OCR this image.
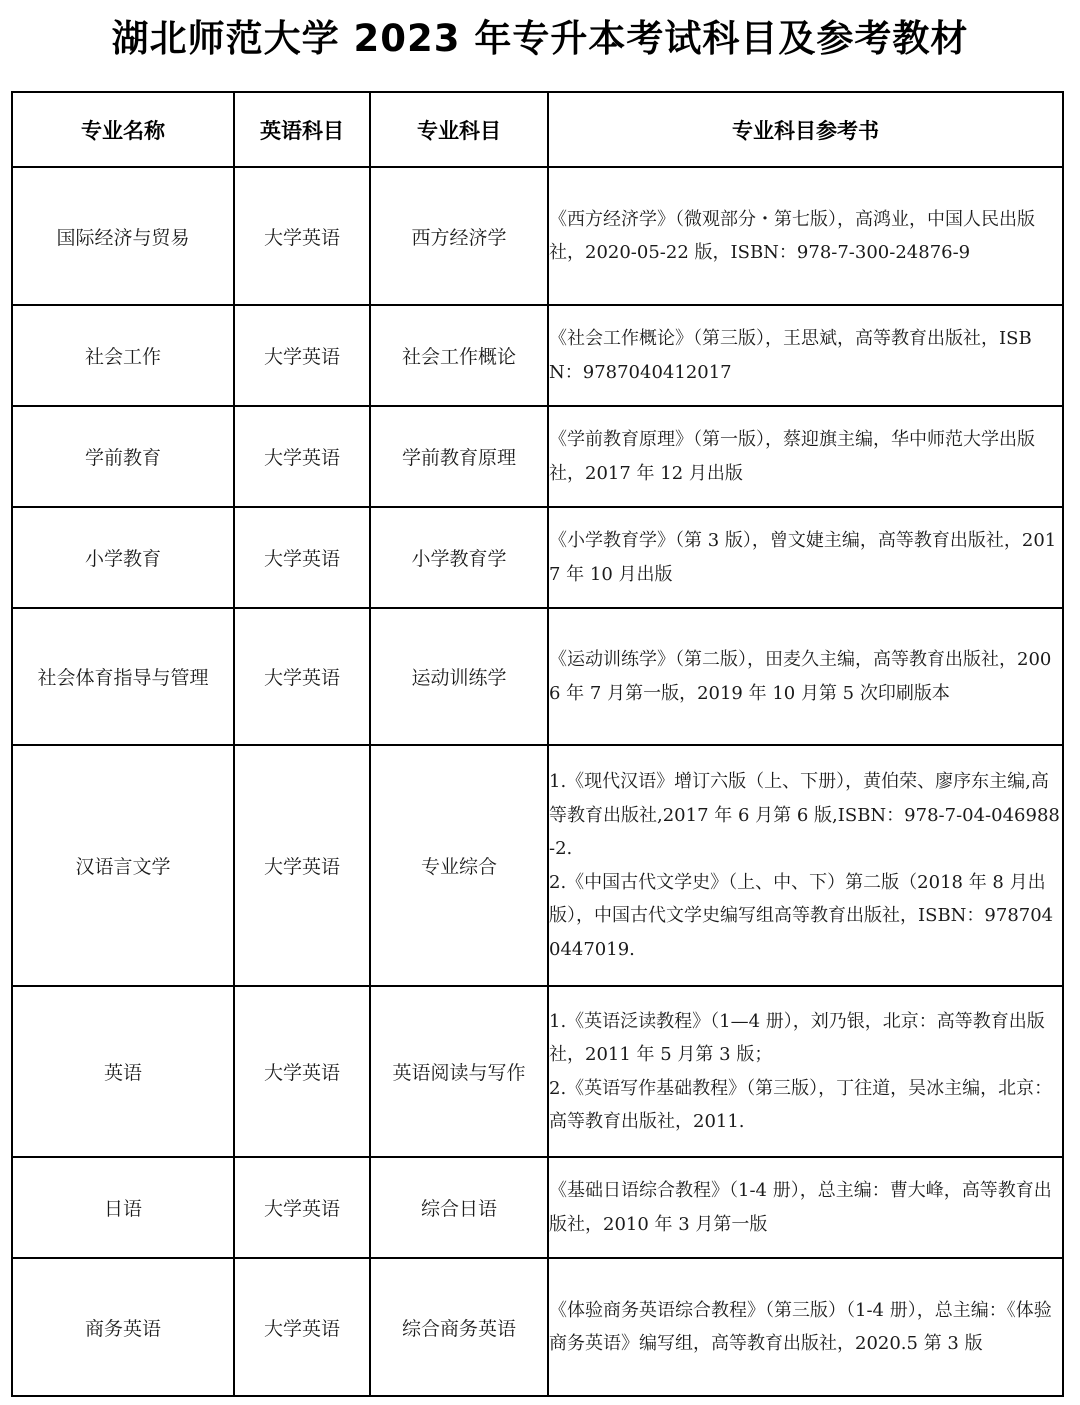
湖北师范大学 2023 年专升本考试科目及参考教材
专业名称	英语科目	专业科目	专业科目参考书
国际经济与贸易	大学英语	西方经济学	《西方经济学》（微观部分・第七版），高鸿业，中国人民出版社，2020-05-22 版，ISBN：978-7-300-24876-9

社会工作	大学英语	社会工作概论	《社会工作概论》（第三版），王思斌，高等教育出版社，ISBN：9787040412017

学前教育	大学英语	学前教育原理	《学前教育原理》（第一版），蔡迎旗主编，华中师范大学出版社，2017 年 12 月出版

小学教育	大学英语	小学教育学	《小学教育学》（第 3 版），曾文婕主编，高等教育出版社，2017 年 10 月出版

社会体育指导与管理	大学英语	运动训练学	《运动训练学》（第二版），田麦久主编，高等教育出版社，2006 年 7 月第一版，2019 年 10 月第 5 次印刷版本

汉语言文学	大学英语	专业综合	1.《现代汉语》增订六版（上、下册），黄伯荣、廖序东主编,高等教育出版社,2017 年 6 月第 6 版,ISBN：978-7-04-046988-2.
2.《中国古代文学史》（上、中、下）第二版（2018 年 8 月出版），中国古代文学史编写组高等教育出版社，ISBN：9787040447019.

英语	大学英语	英语阅读与写作	1.《英语泛读教程》（1—4 册），刘乃银，北京：高等教育出版社，2011 年 5 月第 3 版；
2.《英语写作基础教程》（第三版），丁往道，吴冰主编，北京：高等教育出版社，2011.

日语	大学英语	综合日语	《基础日语综合教程》（1-4 册），总主编：曹大峰，高等教育出版社，2010 年 3 月第一版

商务英语	大学英语	综合商务英语	《体验商务英语综合教程》（第三版）（1-4 册），总主编：《体验商务英语》编写组，高等教育出版社，2020.5 第 3 版
